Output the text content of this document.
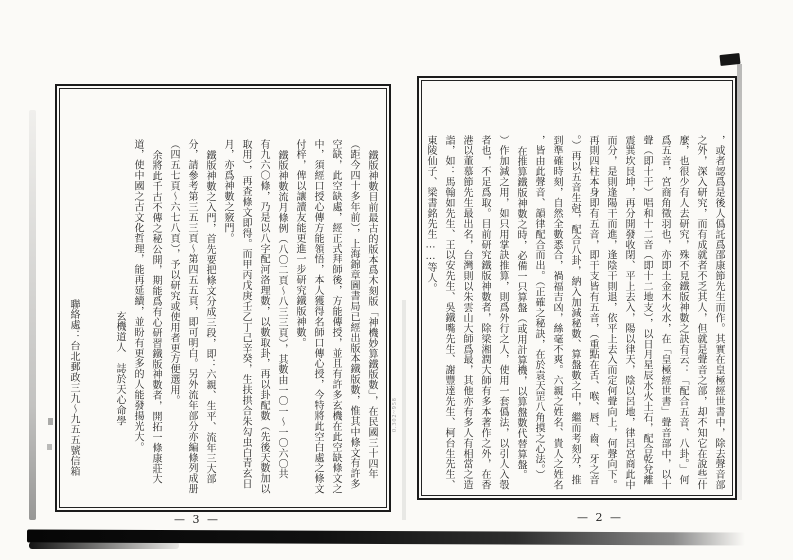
鐵版神數目前最古的版本爲木刻版「神機妙算鐵版數」，在民國三十四年
（距今四十多年前），上海錦章圖書局已經出版本鐵版數，惟其中條文有許多
空缺，此空缺處，經正式拜師後，方能傳授，並且有許多玄機在此空缺條文之
中，須經口授心傳方能領悟，本人獲得名師口傳心授，今特將此空白處之條文
付梓，俾以讓讀友能更進一步研究鐵版神數。
鐵版神數流月條例（八〇二頁～八三三頁），其數由一〇一～一〇六〇共
有九六〇條，乃是以八字配河洛理數，以數取卦，再以卦配數（先後天數加以
取用），再查條文即得。而甲丙戊庚壬乙丁己辛癸，生扶拱合朱勾虫白青玄日
月，亦爲神數之竅門。
鐵版神數之入門，首先要把條文分成三段，即：六親、生平、流年三大部
分，請參考第三五三頁～第四五五頁，即可明白。另外流年部分亦編條列成册
（四五七頁～六七八頁），予以研究或使用者更方便選用。
余將此千古不傳之秘公開，期能爲有心研習鐵版神數者，開拓一條康莊大
道，使中國之古文化哲理，能再延續，並盼有更多的人能發揚光大。
玄機道人　誌於天心命學
聯絡處：台北郵政三九～九五五號信箱	，或者認爲是後人僞託爲邵康節先生而作。其實在皇極經世書中，除去聲音部
之外，深入研究，而有成就者不乏其人，但就是聲音之部，却不知它在說些什
麼，也很少有人去研究，殊不見鐵版神數之訣有云：「配合五音、八卦。」何
爲五音，宮商角徵羽也，亦即土金木火水，在「皇極經世書」聲音部中，以十
聲（即十干）唱和十二音（即十二地支），以日月星辰水火土石，配合乾兌離
震巽坎艮坤，再分開發收閉、平上去入，陽以律天，陰以呂地，律呂宮商此中
而分，是則逢陽干而進，逢陰干則退，依平上去入而定何聲向上，何聲向下。
再則四柱本身即有五音，即干支皆有五音，（重點在舌、喉、唇、齒、牙之音
。）再以五音生尅，配合八卦，納入加減秘數、算盤數之中，繼而考刻分，推
到準確時刻，自然全數悉合，禍福吉凶，絲毫不爽。六親之姓名、貴人之姓名
，皆由此聲音、韻律配合而出。（正確之秘訣，在於袁天罡八角摸之心法。）
在推算鐵版神數之時，必備一只算盤（或用計算機，以算盤數代替算盤。
）作加減之用，如只用掌訣推算，則爲外行之人，使用一套僞法，以引人入彀
者也，不足爲取。目前研究鐵版神數者，除梁湘潤大師有多本著作之外，在香
港以董慕節先生最出名，台灣則以朱雲山大師爲最，其他亦有多人有相當之造
詣，如：馬翰如先生、王以安先生、吳鐵嘴先生、謝豐達先生、柯台生先生、
東陵仙子、梁書銘先生……等人。
— 3 —	— 2 —
0.302~958
